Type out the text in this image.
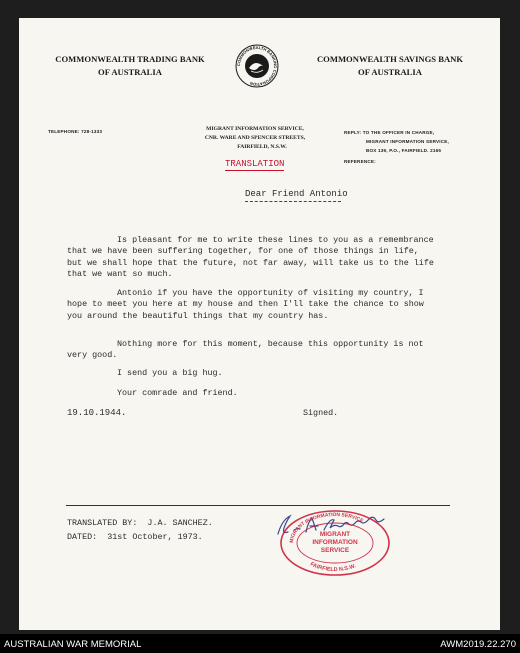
COMMONWEALTH TRADING BANK
OF AUSTRALIA
COMMONWEALTH SAVINGS BANK
OF AUSTRALIA
COMMONWEALTH BANKING CORPORATION
TELEPHONE: 728-1333	MIGRANT INFORMATION SERVICE,
CNR. WARE AND SPENCER STREETS,
FAIRFIELD, N.S.W.
REPLY: TO THE OFFICER IN CHARGE,
MIGRANT INFORMATION SERVICE,
BOX 139, P.O., FAIRFIELD. 2165
REFERENCE:
TRANSLATION
Dear Friend Antonio
Is pleasant for me to write these lines to you as a remembrance that we have been suffering together, for one of those things in life, but we shall hope that the future, not far away, will take us to the life that we want so much.
Antonio if you have the opportunity of visiting my country, I hope to meet you here at my house and then I'll take the chance to show you around the beautiful things that my country has.
Nothing more for this moment, because this opportunity is not very good.
I send you a big hug.
Your comrade and friend.
19.10.1944.	Signed.
TRANSLATED BY:  J.A. SANCHEZ.
DATED:  31st October, 1973.	MIGRANT INFORMATION SERVICE
FAIRFIELD N.S.W.
MIGRANT
INFORMATION
SERVICE
AUSTRALIAN WAR MEMORIAL	AWM2019.22.270
